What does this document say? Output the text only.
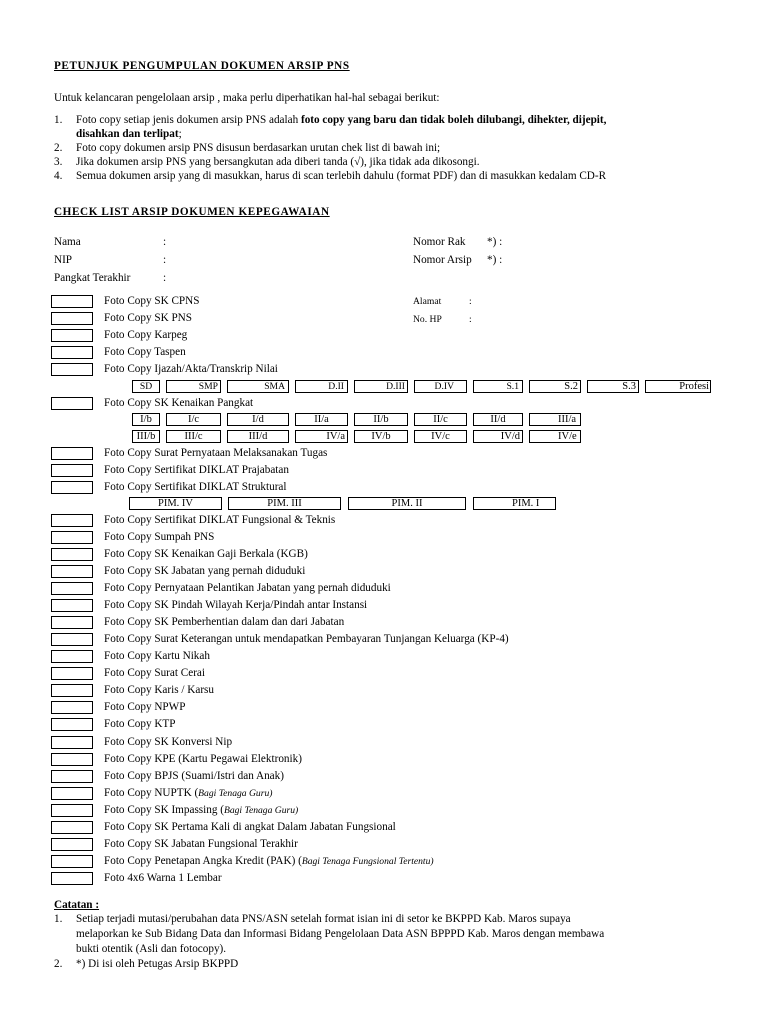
PETUNJUK PENGUMPULAN DOKUMEN ARSIP PNS
Untuk kelancaran pengelolaan arsip , maka perlu diperhatikan hal-hal sebagai berikut:
1. Foto copy setiap jenis dokumen arsip PNS adalah foto copy yang baru dan tidak boleh dilubangi, dihekter, dijepit,
disahkan dan terlipat;
2. Foto copy dokumen arsip PNS disusun berdasarkan urutan chek list di bawah ini;
3. Jika dokumen arsip PNS yang bersangkutan ada diberi tanda (√), jika tidak ada dikosongi.
4. Semua dokumen arsip yang di masukkan, harus di scan terlebih dahulu (format PDF) dan di masukkan kedalam CD-R
CHECK LIST ARSIP DOKUMEN KEPEGAWAIAN
Nama	:
NIP	:
Pangkat Terakhir	:
Nomor Rak *) :
Nomor Arsip *) :
Alamat	:
No. HP	:
Foto Copy SK CPNS
Foto Copy SK PNS
Foto Copy Karpeg
Foto Copy Taspen
Foto Copy Ijazah/Akta/Transkrip Nilai
SD	SMP	SMA	D.II	D.III	D.IV	S.1	S.2	S.3	Profesi
Foto Copy SK Kenaikan Pangkat
I/b	I/c	I/d	II/a	II/b	II/c	II/d	III/a
III/b	III/c	III/d	IV/a	IV/b	IV/c	IV/d	IV/e
Foto Copy Surat Pernyataan Melaksanakan Tugas
Foto Copy Sertifikat DIKLAT Prajabatan
Foto Copy Sertifikat DIKLAT Struktural
PIM. IV	PIM. III	PIM. II	PIM. I
Foto Copy Sertifikat DIKLAT Fungsional & Teknis
Foto Copy Sumpah PNS
Foto Copy SK Kenaikan Gaji Berkala (KGB)
Foto Copy SK Jabatan yang pernah diduduki
Foto Copy Pernyataan Pelantikan Jabatan yang pernah diduduki
Foto Copy SK Pindah Wilayah Kerja/Pindah antar Instansi
Foto Copy SK Pemberhentian dalam dan dari Jabatan
Foto Copy Surat Keterangan untuk mendapatkan Pembayaran Tunjangan Keluarga (KP-4)
Foto Copy Kartu Nikah
Foto Copy Surat Cerai
Foto Copy Karis / Karsu
Foto Copy NPWP
Foto Copy KTP
Foto Copy SK Konversi Nip
Foto Copy KPE (Kartu Pegawai Elektronik)
Foto Copy BPJS (Suami/Istri dan Anak)
Foto Copy NUPTK (Bagi Tenaga Guru)
Foto Copy SK Impassing (Bagi Tenaga Guru)
Foto Copy SK Pertama Kali di angkat Dalam Jabatan Fungsional
Foto Copy SK Jabatan Fungsional Terakhir
Foto Copy Penetapan Angka Kredit (PAK) (Bagi Tenaga Fungsional Tertentu)
Foto 4x6 Warna 1 Lembar
Catatan :
1. Setiap terjadi mutasi/perubahan data PNS/ASN setelah format isian ini di setor ke BKPPD Kab. Maros supaya
melaporkan ke Sub Bidang Data dan Informasi Bidang Pengelolaan Data ASN BPPPD Kab. Maros dengan membawa
bukti otentik (Asli dan fotocopy).
2. *) Di isi oleh Petugas Arsip BKPPD
